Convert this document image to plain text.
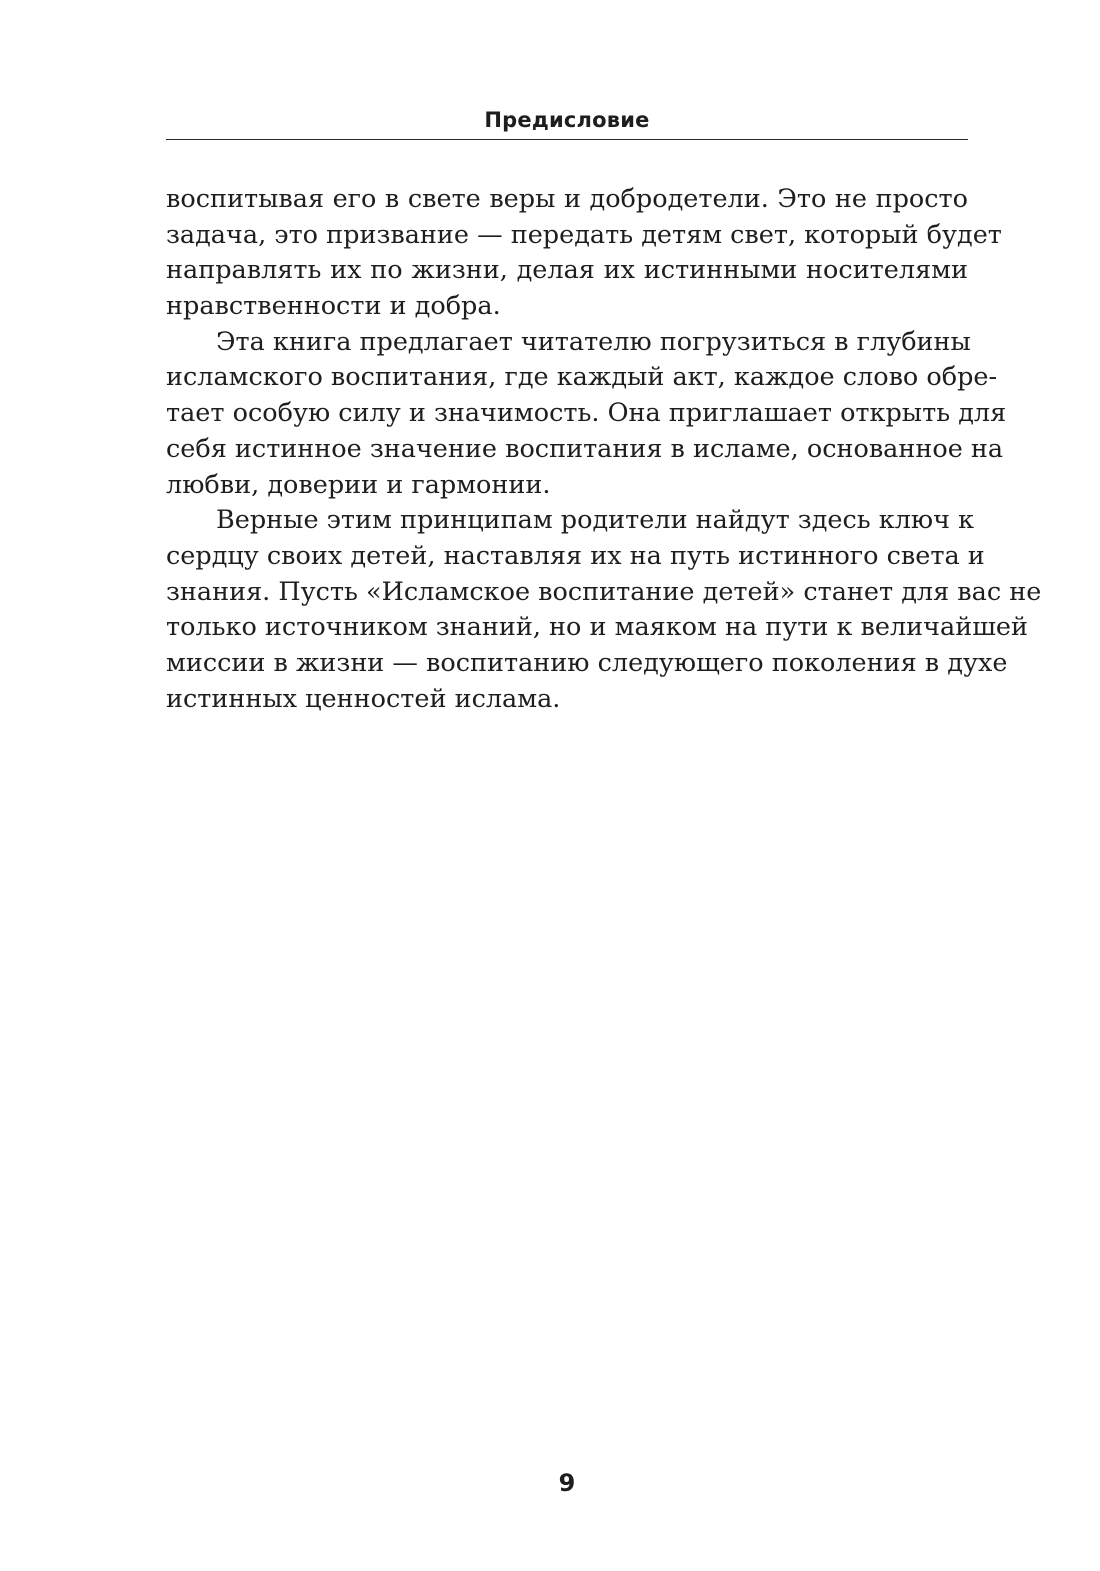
Предисловие
воспитывая его в свете веры и добродетели. Это не просто
задача, это призвание — передать детям свет, который будет
направлять их по жизни, делая их истинными носителями
нравственности и добра.
Эта книга предлагает читателю погрузиться в глубины
исламского воспитания, где каждый акт, каждое слово обре-
тает особую силу и значимость. Она приглашает открыть для
себя истинное значение воспитания в исламе, основанное на
любви, доверии и гармонии.
Верные этим принципам родители найдут здесь ключ к
сердцу своих детей, наставляя их на путь истинного света и
знания. Пусть «Исламское воспитание детей» станет для вас не
только источником знаний, но и маяком на пути к величайшей
миссии в жизни — воспитанию следующего поколения в духе
истинных ценностей ислама.
9
